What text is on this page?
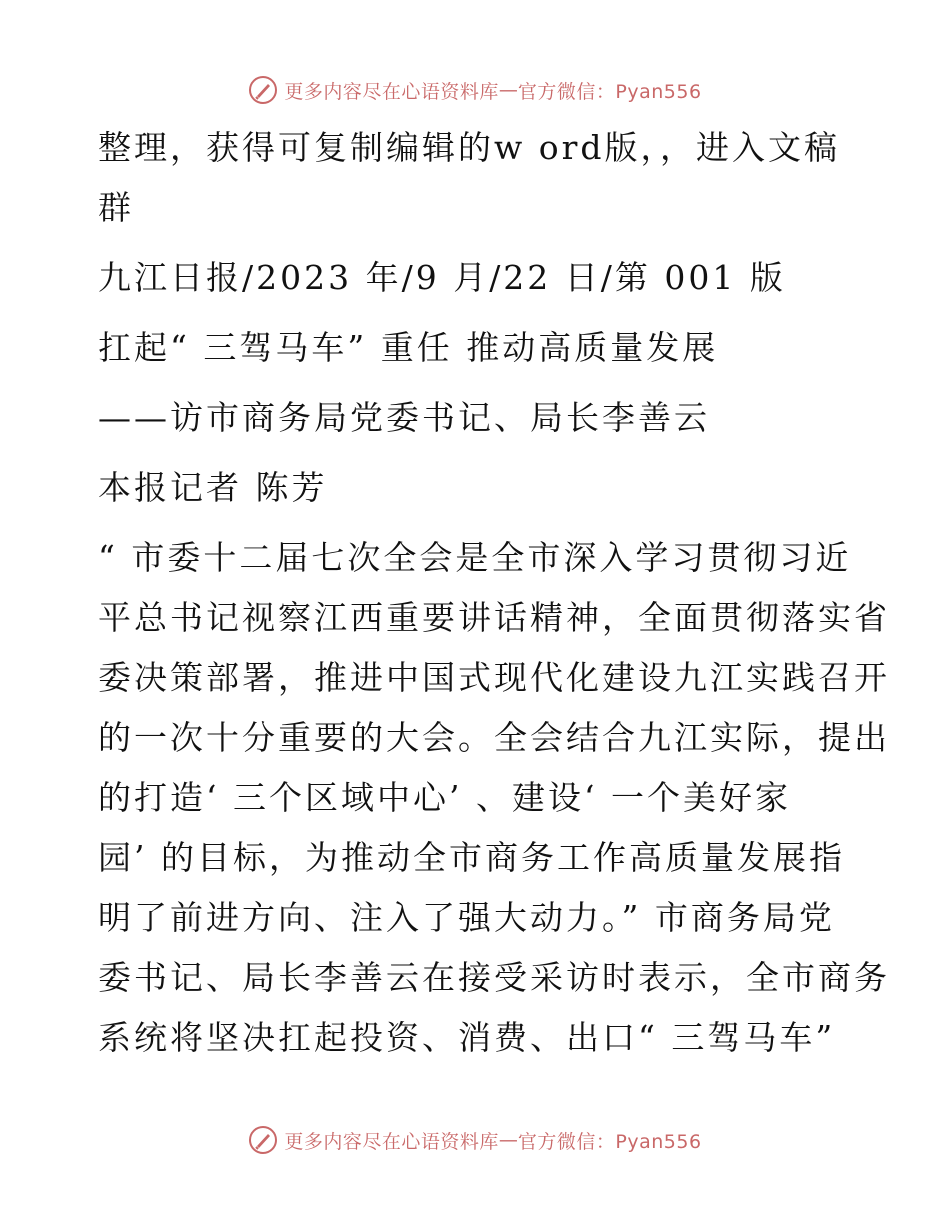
更多内容尽在心语资料库 — 官方微信：Pyan556
整理，获得可复制编辑的w ord版，，进入文稿
群
九江日报/2023 年/9 月/22 日/第 001 版
扛起“ 三驾马车” 重任 推动高质量发展
——访市商务局党委书记、局长李善云
本报记者 陈芳
“ 市委十二届七次全会是全市深入学习贯彻习近
平总书记视察江西重要讲话精神，全面贯彻落实省
委决策部署，推进中国式现代化建设九江实践召开
的一次十分重要的大会。全会结合九江实际，提出
的打造‘ 三个区域中心’ 、建设‘ 一个美好家
园’ 的目标，为推动全市商务工作高质量发展指
明了前进方向、注入了强大动力。” 市商务局党
委书记、局长李善云在接受采访时表示，全市商务
系统将坚决扛起投资、消费、出口“ 三驾马车”
更多内容尽在心语资料库 — 官方微信：Pyan556
